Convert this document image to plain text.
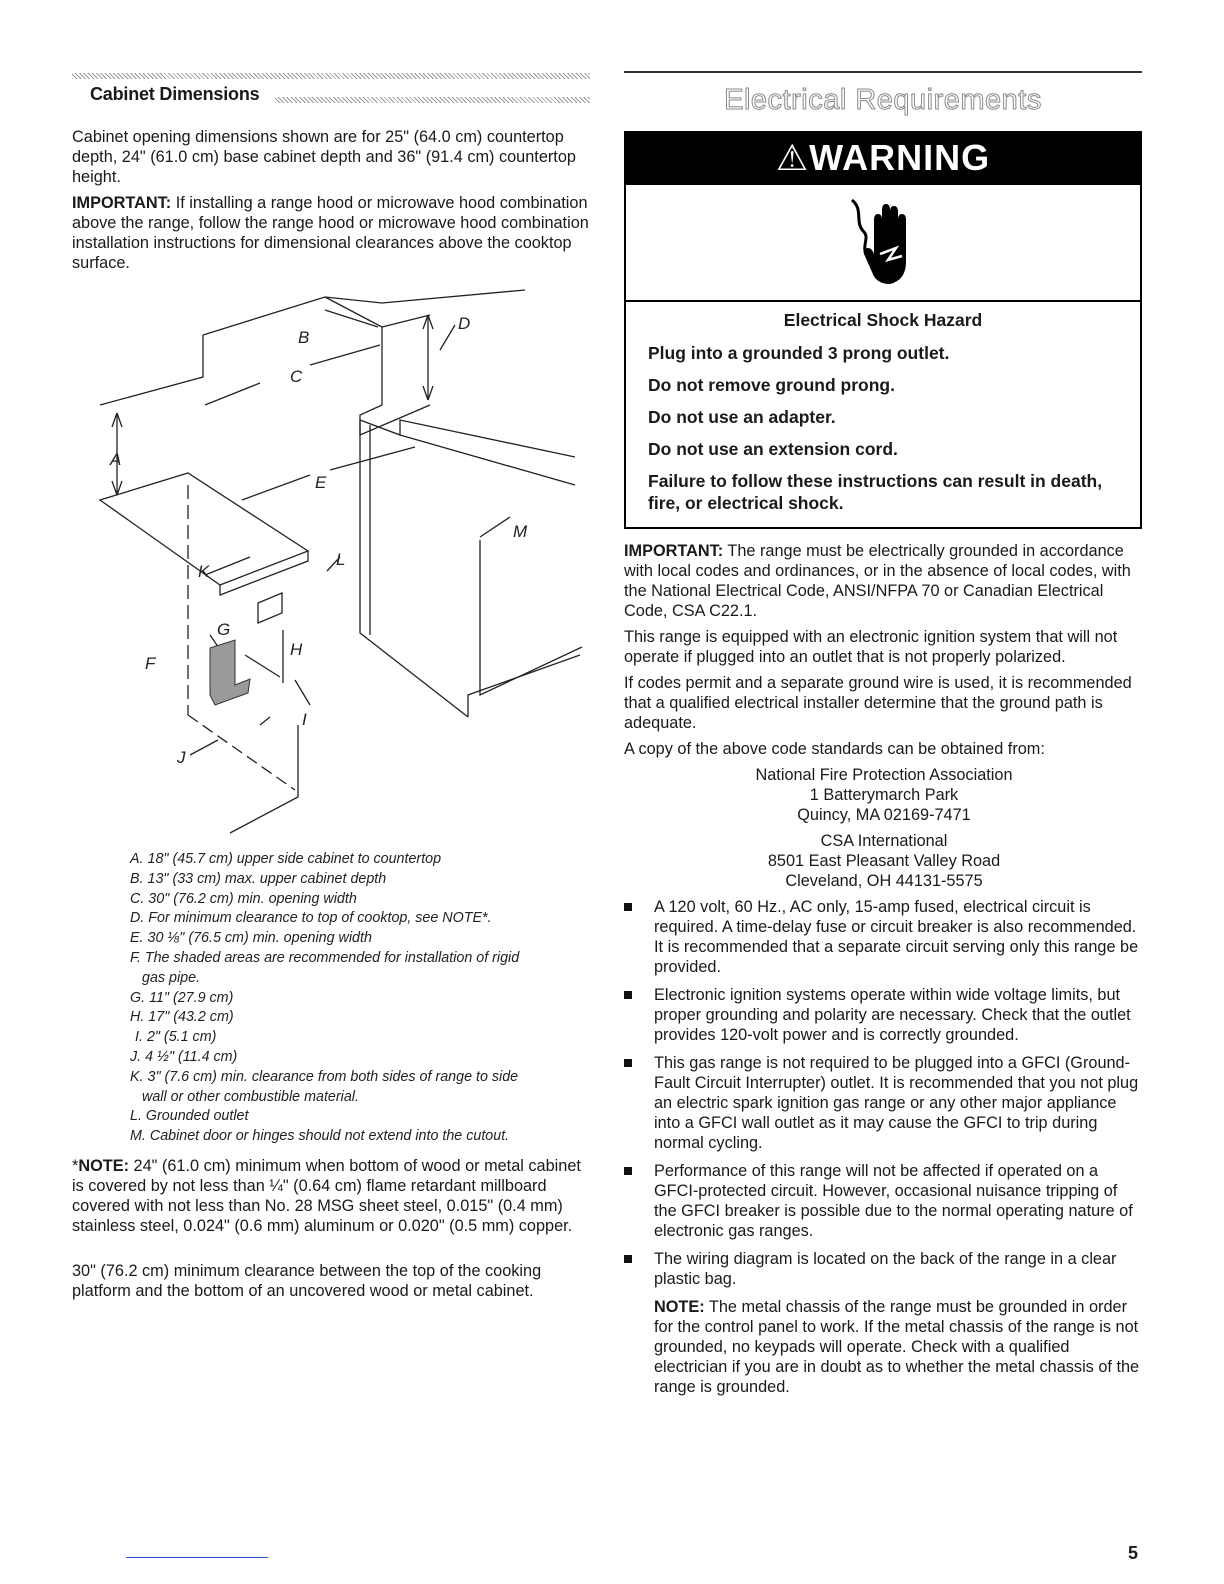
Cabinet Dimensions

Cabinet opening dimensions shown are for 25" (64.0 cm) countertop depth, 24" (61.0 cm) base cabinet depth and 36" (91.4 cm) countertop height.

IMPORTANT: If installing a range hood or microwave hood combination above the range, follow the range hood or microwave hood combination installation instructions for dimensional clearances above the cooktop surface.

A
B
C
D
E
F
G
H
I
J
K
L
M
A. 18" (45.7 cm) upper side cabinet to countertop
B. 13" (33 cm) max. upper cabinet depth
C. 30" (76.2 cm) min. opening width
D. For minimum clearance to top of cooktop, see NOTE*.
E. 30 ⅛" (76.5 cm) min. opening width
F. The shaded areas are recommended for installation of rigid
gas pipe.
G. 11" (27.9 cm)
H. 17" (43.2 cm)
I. 2" (5.1 cm)
J. 4 ½" (11.4 cm)
K. 3" (7.6 cm) min. clearance from both sides of range to side
wall or other combustible material.
L. Grounded outlet
M. Cabinet door or hinges should not extend into the cutout.

*NOTE: 24" (61.0 cm) minimum when bottom of wood or metal cabinet is covered by not less than ¼" (0.64 cm) flame retardant millboard covered with not less than No. 28 MSG sheet steel, 0.015" (0.4 mm) stainless steel, 0.024" (0.6 mm) aluminum or 0.020" (0.5 mm) copper.

30" (76.2 cm) minimum clearance between the top of the cooking platform and the bottom of an uncovered wood or metal cabinet.

Electrical Requirements
⚠WARNING
Electrical Shock Hazard

Plug into a grounded 3 prong outlet.

Do not remove ground prong.

Do not use an adapter.

Do not use an extension cord.

Failure to follow these instructions can result in death, fire, or electrical shock.

IMPORTANT: The range must be electrically grounded in accordance with local codes and ordinances, or in the absence of local codes, with the National Electrical Code, ANSI/NFPA 70 or Canadian Electrical Code, CSA C22.1.

This range is equipped with an electronic ignition system that will not operate if plugged into an outlet that is not properly polarized.

If codes permit and a separate ground wire is used, it is recommended that a qualified electrical installer determine that the ground path is adequate.

A copy of the above code standards can be obtained from:

National Fire Protection Association
1 Batterymarch Park
Quincy, MA 02169-7471
CSA International
8501 East Pleasant Valley Road
Cleveland, OH 44131-5575
A 120 volt, 60 Hz., AC only, 15-amp fused, electrical circuit is required. A time-delay fuse or circuit breaker is also recommended. It is recommended that a separate circuit serving only this range be provided.
Electronic ignition systems operate within wide voltage limits, but proper grounding and polarity are necessary. Check that the outlet provides 120-volt power and is correctly grounded.
This gas range is not required to be plugged into a GFCI (Ground-Fault Circuit Interrupter) outlet. It is recommended that you not plug an electric spark ignition gas range or any other major appliance into a GFCI wall outlet as it may cause the GFCI to trip during normal cycling.
Performance of this range will not be affected if operated on a GFCI-protected circuit. However, occasional nuisance tripping of the GFCI breaker is possible due to the normal operating nature of electronic gas ranges.
The wiring diagram is located on the back of the range in a clear plastic bag.

NOTE: The metal chassis of the range must be grounded in order for the control panel to work. If the metal chassis of the range is not grounded, no keypads will operate. Check with a qualified electrician if you are in doubt as to whether the metal chassis of the range is grounded.

5
